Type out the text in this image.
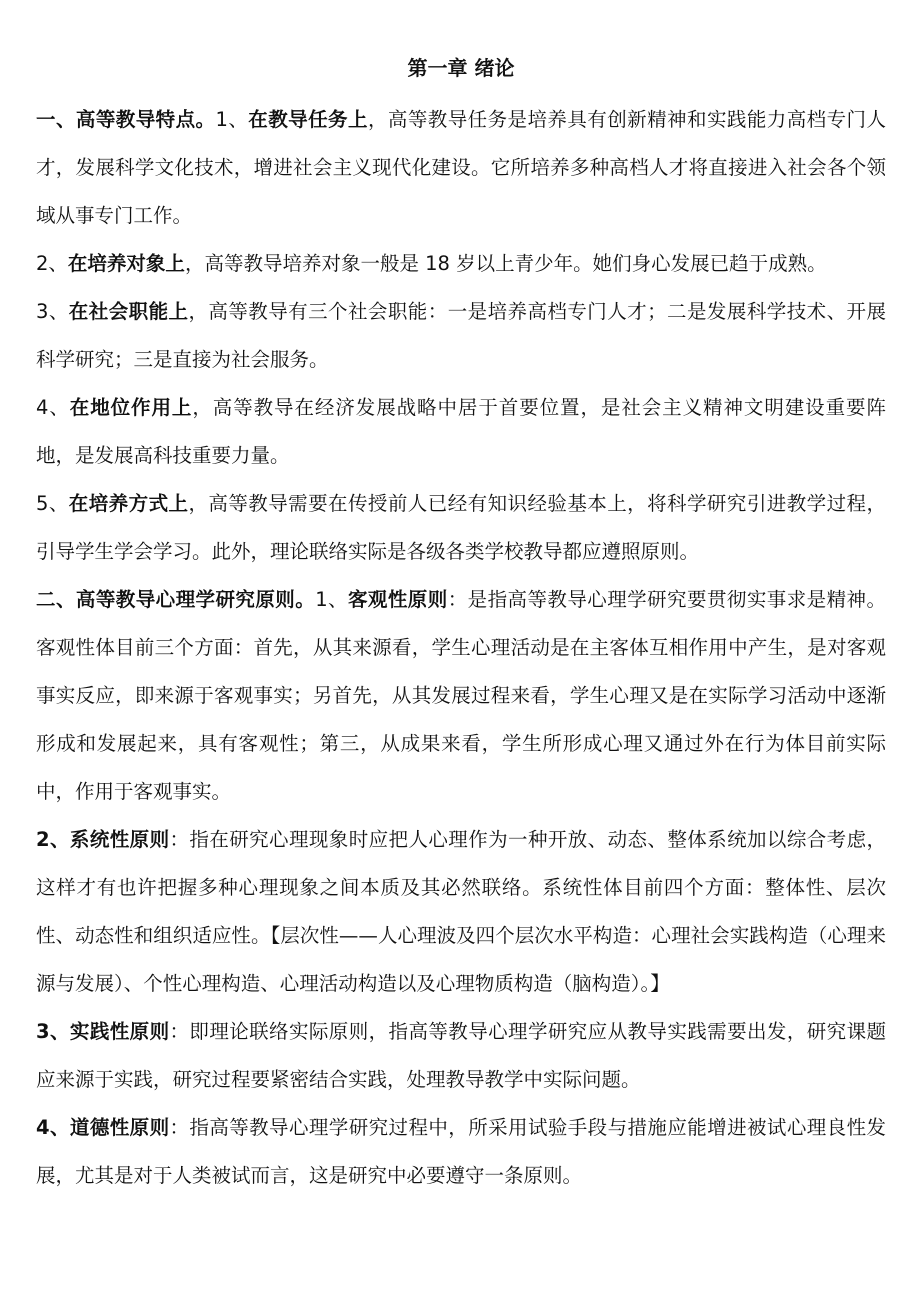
第一章 绪论

一、高等教导特点。1、在教导任务上，高等教导任务是培养具有创新精神和实践能力高档专门人才，发展科学文化技术，增进社会主义现代化建设。它所培养多种高档人才将直接进入社会各个领域从事专门工作。

2、在培养对象上，高等教导培养对象一般是 18 岁以上青少年。她们身心发展已趋于成熟。

3、在社会职能上，高等教导有三个社会职能：一是培养高档专门人才；二是发展科学技术、开展科学研究；三是直接为社会服务。

4、在地位作用上，高等教导在经济发展战略中居于首要位置，是社会主义精神文明建设重要阵地，是发展高科技重要力量。

5、在培养方式上，高等教导需要在传授前人已经有知识经验基本上，将科学研究引进教学过程，引导学生学会学习。此外，理论联络实际是各级各类学校教导都应遵照原则。

二、高等教导心理学研究原则。1、客观性原则：是指高等教导心理学研究要贯彻实事求是精神。客观性体目前三个方面：首先，从其来源看，学生心理活动是在主客体互相作用中产生，是对客观事实反应，即来源于客观事实；另首先，从其发展过程来看，学生心理又是在实际学习活动中逐渐形成和发展起来，具有客观性；第三，从成果来看，学生所形成心理又通过外在行为体目前实际中，作用于客观事实。

2、系统性原则：指在研究心理现象时应把人心理作为一种开放、动态、整体系统加以综合考虑，这样才有也许把握多种心理现象之间本质及其必然联络。系统性体目前四个方面：整体性、层次性、动态性和组织适应性。【层次性——人心理波及四个层次水平构造：心理社会实践构造（心理来源与发展）、个性心理构造、心理活动构造以及心理物质构造（脑构造）。】

3、实践性原则：即理论联络实际原则，指高等教导心理学研究应从教导实践需要出发，研究课题应来源于实践，研究过程要紧密结合实践，处理教导教学中实际问题。

4、道德性原则：指高等教导心理学研究过程中，所采用试验手段与措施应能增进被试心理良性发展，尤其是对于人类被试而言，这是研究中必要遵守一条原则。
